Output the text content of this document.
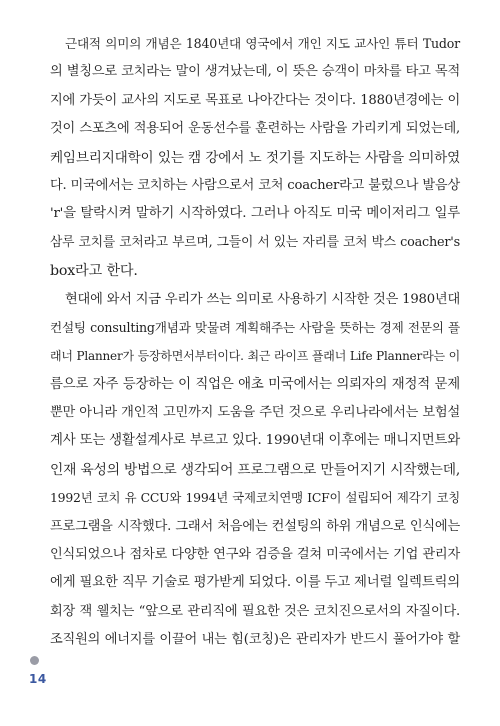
근대적 의미의 개념은 1840년대 영국에서 개인 지도 교사인 튜터 Tudor
의 별칭으로 코치라는 말이 생겨났는데, 이 뜻은 승객이 마차를 타고 목적
지에 가듯이 교사의 지도로 목표로 나아간다는 것이다. 1880년경에는 이
것이 스포츠에 적용되어 운동선수를 훈련하는 사람을 가리키게 되었는데,
케임브리지대학이 있는 캠 강에서 노 젓기를 지도하는 사람을 의미하였
다. 미국에서는 코치하는 사람으로서 코처 coacher라고 불렀으나 발음상
'r'을 탈락시켜 말하기 시작하였다. 그러나 아직도 미국 메이저리그 일루
삼루 코치를 코처라고 부르며, 그들이 서 있는 자리를 코처 박스 coacher's
box라고 한다.
현대에 와서 지금 우리가 쓰는 의미로 사용하기 시작한 것은 1980년대
컨설팅 consulting개념과 맞물려 계획해주는 사람을 뜻하는 경제 전문의 플
래너 Planner가 등장하면서부터이다. 최근 라이프 플래너 Life Planner라는 이
름으로 자주 등장하는 이 직업은 애초 미국에서는 의뢰자의 재정적 문제
뿐만 아니라 개인적 고민까지 도움을 주던 것으로 우리나라에서는 보험설
계사 또는 생활설계사로 부르고 있다. 1990년대 이후에는 매니지먼트와
인재 육성의 방법으로 생각되어 프로그램으로 만들어지기 시작했는데,
1992년 코치 유 CCU와 1994년 국제코치연맹 ICF이 설립되어 제각기 코칭
프로그램을 시작했다. 그래서 처음에는 컨설팅의 하위 개념으로 인식에는
인식되었으나 점차로 다양한 연구와 검증을 걸쳐 미국에서는 기업 관리자
에게 필요한 직무 기술로 평가받게 되었다. 이를 두고 제너럴 일렉트릭의
회장 잭 웰치는 “앞으로 관리직에 필요한 것은 코치진으로서의 자질이다.
조직원의 에너지를 이끌어 내는 힘(코칭)은 관리자가 반드시 풀어가야 할
14
